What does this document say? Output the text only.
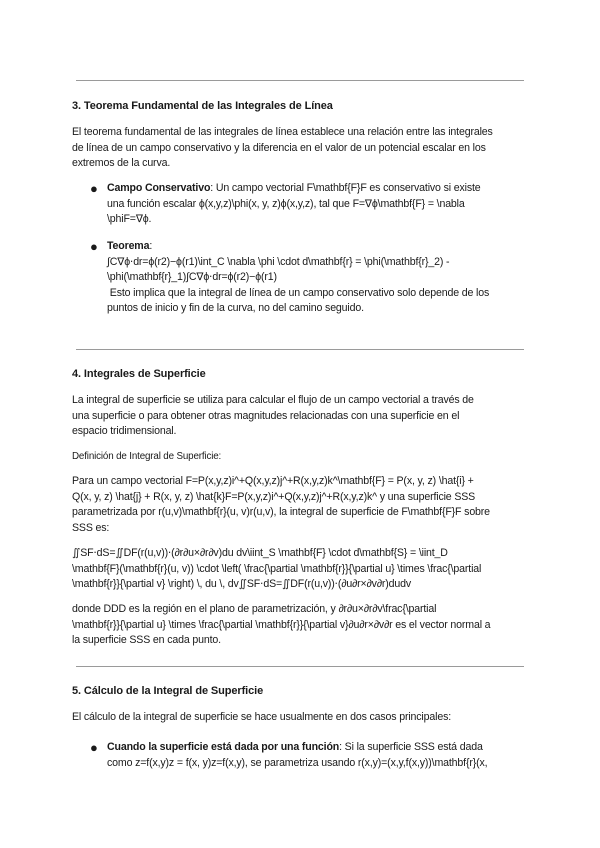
3. Teorema Fundamental de las Integrales de Línea
El teorema fundamental de las integrales de línea establece una relación entre las integrales
de línea de un campo conservativo y la diferencia en el valor de un potencial escalar en los
extremos de la curva.
● Campo Conservativo: Un campo vectorial F\mathbf{F}F es conservativo si existe
una función escalar ϕ(x,y,z)\phi(x, y, z)ϕ(x,y,z), tal que F=∇ϕ\mathbf{F} = \nabla
\phiF=∇ϕ.
● Teorema:
∫C∇ϕ⋅dr=ϕ(r2)−ϕ(r1)\int_C \nabla \phi \cdot d\mathbf{r} = \phi(\mathbf{r}_2) -
\phi(\mathbf{r}_1)∫C∇ϕ⋅dr=ϕ(r2)−ϕ(r1)
Esto implica que la integral de línea de un campo conservativo solo depende de los
puntos de inicio y fin de la curva, no del camino seguido.
4. Integrales de Superficie
La integral de superficie se utiliza para calcular el flujo de un campo vectorial a través de
una superficie o para obtener otras magnitudes relacionadas con una superficie en el
espacio tridimensional.
Definición de Integral de Superficie:
Para un campo vectorial F=P(x,y,z)i^+Q(x,y,z)j^+R(x,y,z)k^\mathbf{F} = P(x, y, z) \hat{i} +
Q(x, y, z) \hat{j} + R(x, y, z) \hat{k}F=P(x,y,z)i^+Q(x,y,z)j^+R(x,y,z)k^ y una superficie SSS
parametrizada por r(u,v)\mathbf{r}(u, v)r(u,v), la integral de superficie de F\mathbf{F}F sobre
SSS es:
∬SF⋅dS=∬DF(r(u,v))⋅(∂r∂u×∂r∂v)du dv\iint_S \mathbf{F} \cdot d\mathbf{S} = \iint_D
\mathbf{F}(\mathbf{r}(u, v)) \cdot \left( \frac{\partial \mathbf{r}}{\partial u} \times \frac{\partial
\mathbf{r}}{\partial v} \right) \, du \, dv∬SF⋅dS=∬DF(r(u,v))⋅(∂u∂r×∂v∂r)dudv
donde DDD es la región en el plano de parametrización, y ∂r∂u×∂r∂v\frac{\partial
\mathbf{r}}{\partial u} \times \frac{\partial \mathbf{r}}{\partial v}∂u∂r×∂v∂r es el vector normal a
la superficie SSS en cada punto.
5. Cálculo de la Integral de Superficie
El cálculo de la integral de superficie se hace usualmente en dos casos principales:
● Cuando la superficie está dada por una función: Si la superficie SSS está dada
como z=f(x,y)z = f(x, y)z=f(x,y), se parametriza usando r(x,y)=(x,y,f(x,y))\mathbf{r}(x,
